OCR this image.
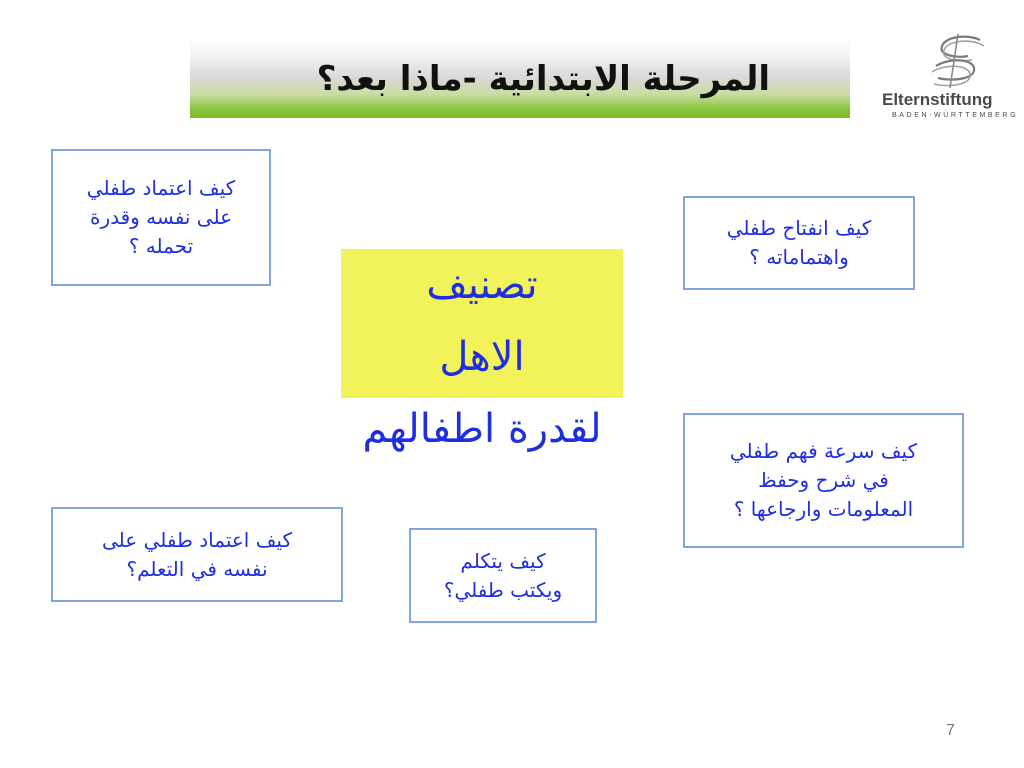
المرحلة الابتدائية -ماذا بعد؟
Elternstiftung
BADEN-WÜRTTEMBERG
تصنيف
الاهل
لقدرة اطفالهم
كيف اعتماد طفلي
على نفسه وقدرة
تحمله ؟
كيف انفتاح طفلي
واهتماماته ؟
كيف سرعة فهم طفلي
في شرح وحفظ
المعلومات وارجاعها ؟
كيف اعتماد طفلي على
نفسه في التعلم؟	كيف يتكلم
ويكتب طفلي؟
7
